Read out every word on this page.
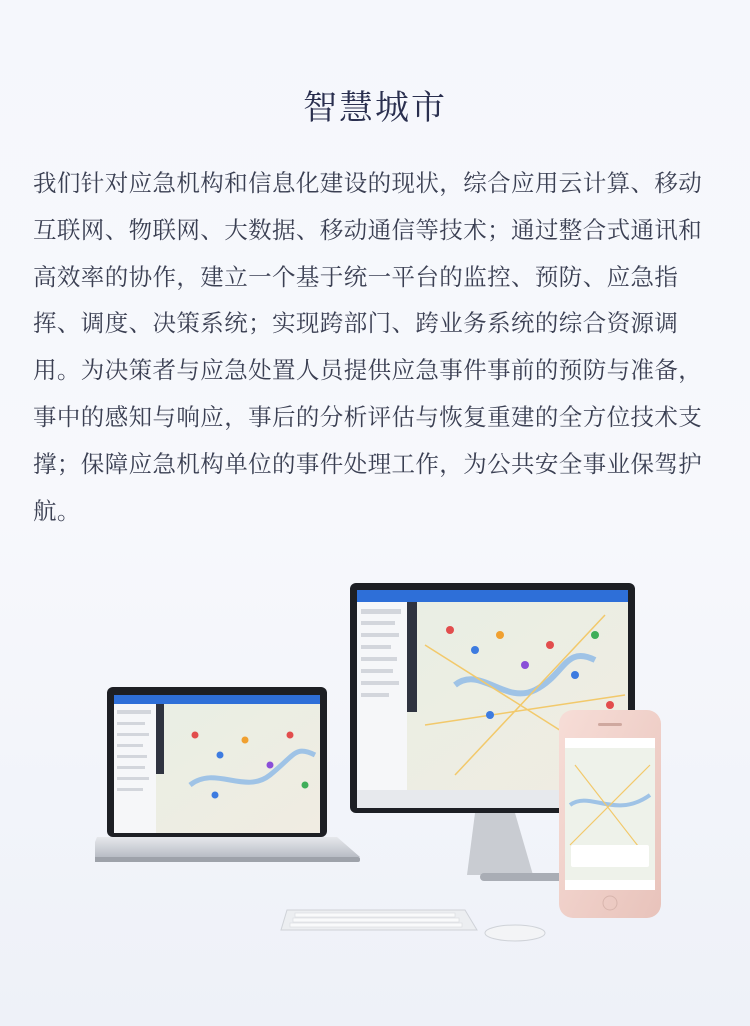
智慧城市
我们针对应急机构和信息化建设的现状，综合应用云计算、移动互联网、物联网、大数据、移动通信等技术；通过整合式通讯和高效率的协作，建立一个基于统一平台的监控、预防、应急指挥、调度、决策系统；实现跨部门、跨业务系统的综合资源调用。为决策者与应急处置人员提供应急事件事前的预防与准备，事中的感知与响应，事后的分析评估与恢复重建的全方位技术支撑；保障应急机构单位的事件处理工作，为公共安全事业保驾护航。
